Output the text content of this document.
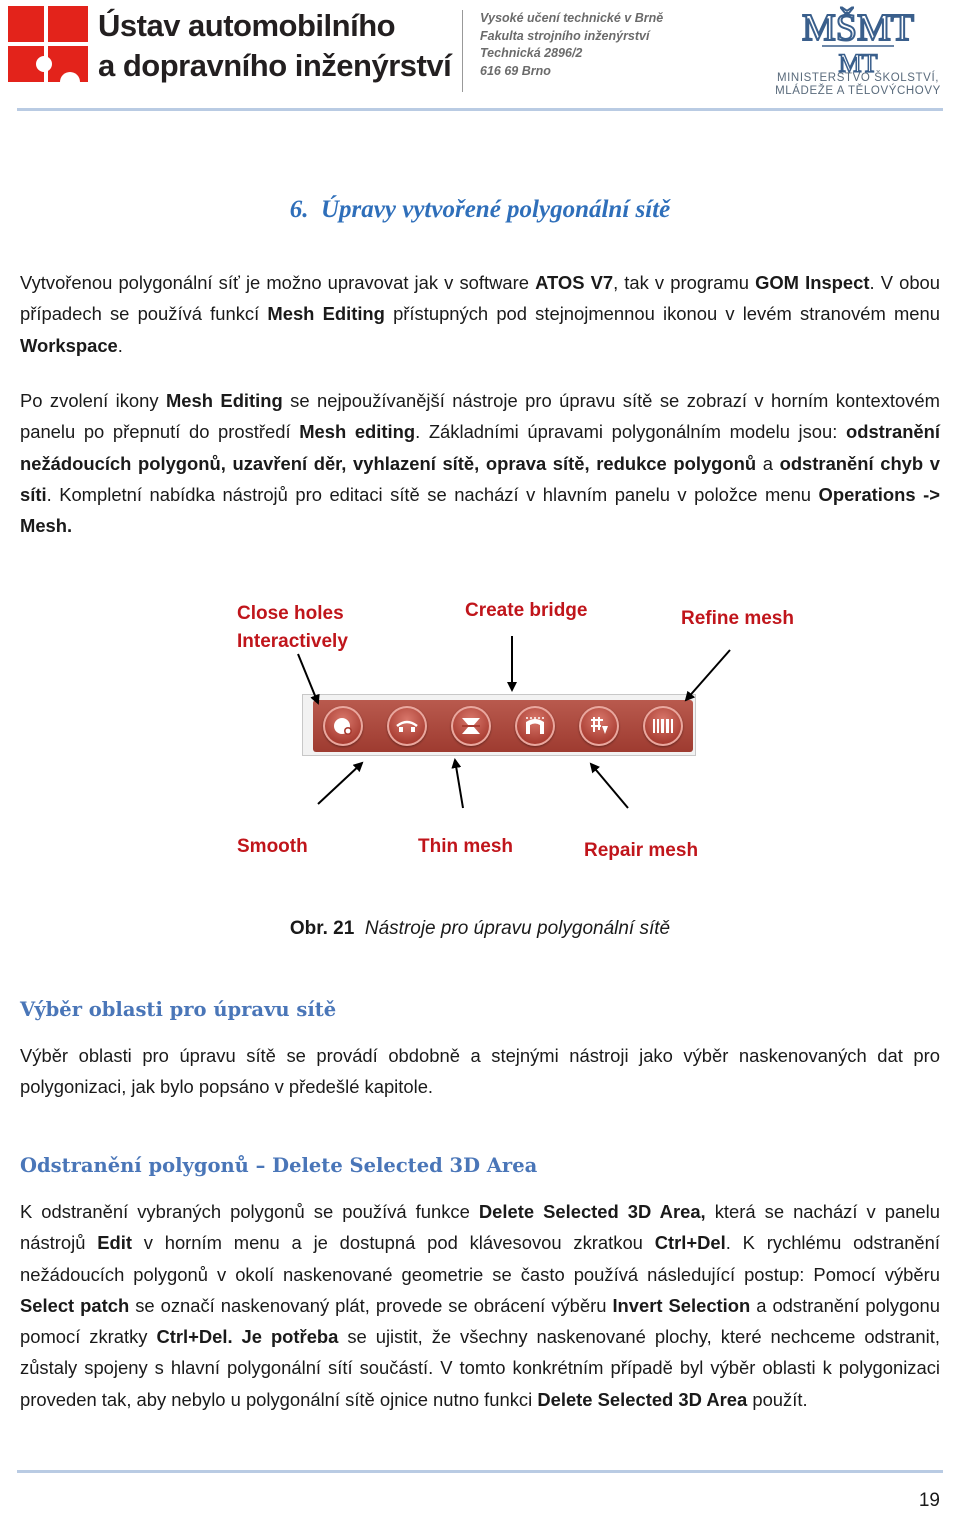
Ústav automobilního
a dopravního inženýrství
Vysoké učení technické v Brně
Fakulta strojního inženýrství
Technická 2896/2
616 69 Brno
MŠMT
ΜΤ
MINISTERSTVO ŠKOLSTVÍ,
MLÁDEŽE A TĚLOVÝCHOVY
6. Úpravy vytvořené polygonální sítě
Vytvořenou polygonální síť je možno upravovat jak v software ATOS V7, tak v programu GOM Inspect. V obou případech se používá funkcí Mesh Editing přístupných pod stejnojmennou ikonou v levém stranovém menu Workspace.
Po zvolení ikony Mesh Editing se nejpoužívanější nástroje pro úpravu sítě se zobrazí v horním kontextovém panelu po přepnutí do prostředí Mesh editing. Základními úpravami polygonálním modelu jsou: odstranění nežádoucích polygonů, uzavření děr, vyhlazení sítě, oprava sítě, redukce polygonů a odstranění chyb v síti. Kompletní nabídka nástrojů pro editaci sítě se nachází v hlavním panelu v položce menu Operations -> Mesh.
Close holes
Interactively
Create bridge	Refine mesh
Smooth	Thin mesh	Repair mesh
Obr. 21 Nástroje pro úpravu polygonální sítě
Výběr oblasti pro úpravu sítě
Výběr oblasti pro úpravu sítě se provádí obdobně a stejnými nástroji jako výběr naskenovaných dat pro polygonizaci, jak bylo popsáno v předešlé kapitole.
Odstranění polygonů – Delete Selected 3D Area
K odstranění vybraných polygonů se používá funkce Delete Selected 3D Area, která se nachází v panelu nástrojů Edit v horním menu a je dostupná pod klávesovou zkratkou Ctrl+Del. K rychlému odstranění nežádoucích polygonů v okolí naskenované geometrie se často používá následující postup: Pomocí výběru Select patch se označí naskenovaný plát, provede se obrácení výběru Invert Selection a odstranění polygonu pomocí zkratky Ctrl+Del. Je potřeba se ujistit, že všechny naskenované plochy, které nechceme odstranit, zůstaly spojeny s hlavní polygonální sítí součástí. V tomto konkrétním případě byl výběr oblasti k polygonizaci proveden tak, aby nebylo u polygonální sítě ojnice nutno funkci Delete Selected 3D Area použít.
19
